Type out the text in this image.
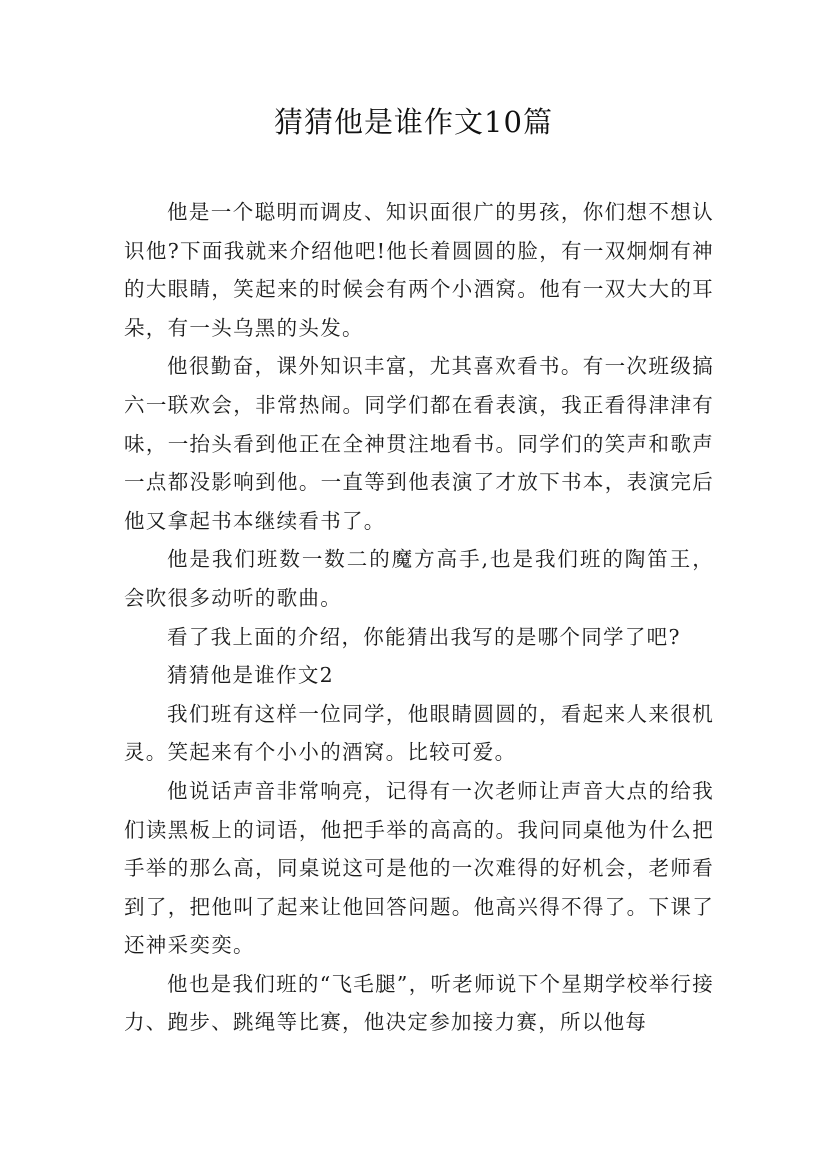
猜猜他是谁作文10篇

他是一个聪明而调皮、知识面很广的男孩，你们想不想认识他?下面我就来介绍他吧!他长着圆圆的脸，有一双炯炯有神的大眼睛，笑起来的时候会有两个小酒窝。他有一双大大的耳朵，有一头乌黑的头发。

他很勤奋，课外知识丰富，尤其喜欢看书。有一次班级搞六一联欢会，非常热闹。同学们都在看表演，我正看得津津有味，一抬头看到他正在全神贯注地看书。同学们的笑声和歌声一点都没影响到他。一直等到他表演了才放下书本，表演完后他又拿起书本继续看书了。

他是我们班数一数二的魔方高手,也是我们班的陶笛王，会吹很多动听的歌曲。

看了我上面的介绍，你能猜出我写的是哪个同学了吧?

猜猜他是谁作文2

我们班有这样一位同学，他眼睛圆圆的，看起来人来很机灵。笑起来有个小小的酒窝。比较可爱。

他说话声音非常响亮，记得有一次老师让声音大点的给我们读黑板上的词语，他把手举的高高的。我问同桌他为什么把手举的那么高，同桌说这可是他的一次难得的好机会，老师看到了，把他叫了起来让他回答问题。他高兴得不得了。下课了还神采奕奕。

他也是我们班的“飞毛腿”，听老师说下个星期学校举行接力、跑步、跳绳等比赛，他决定参加接力赛，所以他每
